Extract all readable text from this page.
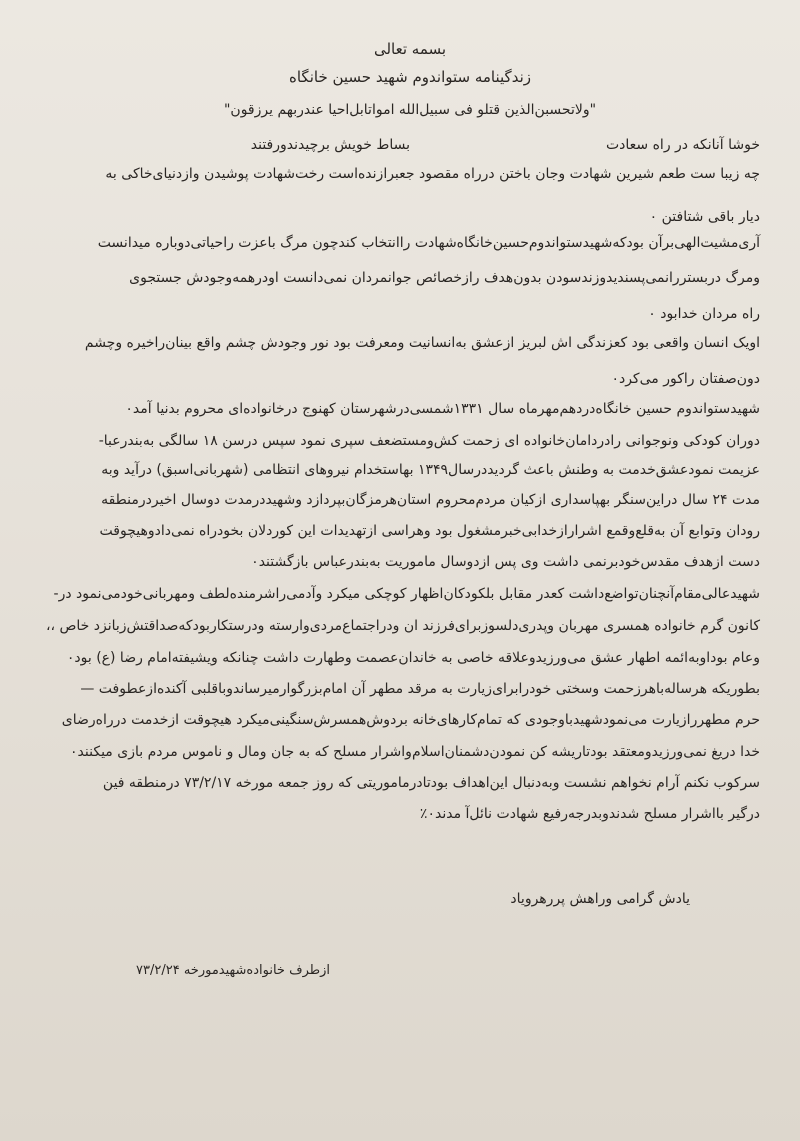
بسمه تعالی
زندگینامه ستواندوم شهید حسین خانگاه
"ولاتحسبن‌الذین قتلو فی سبیل‌الله امواتابل‌احیا عندربهم یرزقون"
خوشا آنانکه در راه سعادت
بساط خویش برچیدندورفتند
چه زیبا ست طعم شیرین شهادت وجان باختن درراه مقصود جعبرازنده‌است رخت‌شهادت پوشیدن وازدنیای‌خاکی به
دیار باقی شتافتن ۰
آری‌مشیت‌الهی‌برآن بودکه‌شهیدستواندوم‌حسین‌خانگاه‌شهادت راانتخاب کندچون مرگ باعزت راحیاتی‌دوباره میدانست
ومرگ دربستررانمی‌پسندیدوزندسودن بدون‌هدف رازخصائص جوانمردان نمی‌دانست اودرهمه‌وجودش جستجوی
راه مردان خدابود ۰
اویک انسان واقعی بود کعزندگی اش لبریز ازعشق به‌انسانیت ومعرفت بود نور وجودش چشم واقع بینان‌راخیره وچشم
دون‌صفتان راکور می‌کرد۰
شهیدستواندوم حسین خانگاه‌در‌دهم‌مهر‌ماه سال ۱۳۳۱شمسی‌در‌شهرستان کهنوج در‌خانواده‌ای محروم بدنیا آمد۰
دوران کودکی ونوجوانی رادردامان‌خانواده ای زحمت کش‌ومستضعف سپری نمود سپس درسن ۱۸ سالگی به‌بندرعبا-
عزیمت نمودعشق‌خدمت به وطنش باعث گردیددرسال۱۳۴۹ بهاستخدام نیروهای انتظامی (شهربانی‌اسبق) درآید وبه
مدت ۲۴ سال دراین‌سنگر بهپاسداری ازکیان مردم‌محروم استان‌هرمزگان‌بپردازد وشهیددرمدت دوسال اخیردرمنطقه
رودان وتوابع آن به‌قلع‌وقمع اشرارازخدابی‌خبرمشغول بود وهراسی ازتهدیدات این کوردلان بخودراه نمی‌دادوهیچوقت
دست ازهدف مقدس‌خودبرنمی داشت وی پس ازدوسال ماموریت به‌بندرعباس بازگشتند۰
شهیدعالی‌مقام‌آنچنان‌تواضع‌داشت کعدر مقابل بلکودکان‌اظهار کوچکی میکرد وآدمی‌راشرمنده‌لطف ومهربانی‌خودمی‌نمود در-
کانون گرم خانواده همسری مهربان وپدری‌دلسوزبرای‌فرزند ان ودراجتماع‌مردی‌وارسته ودرستکاربودکه‌صداقتش‌زبانزد خاص ،،
وعام بوداوبه‌ائمه اطهار عشق می‌ورزیدوعلاقه خاصی به خاندان‌عصمت وطهارت داشت چنانکه ویشیفته‌امام رضا (ع) بود۰
بطوریکه هرساله‌باهرزحمت وسختی خودرابرای‌زیارت به مرقد مطهر آن امام‌بزرگوارمیرساندوباقلبی آکنده‌ازعطوفت —
حرم مطهررازیارت می‌نمودشهیدباوجودی که تمام‌کارهای‌خانه بردوش‌همسرش‌سنگینی‌میکرد هیچوقت ازخدمت درراه‌رضای
خدا دریغ نمی‌ورزیدومعتقد بودتاریشه کن نمودن‌دشمنان‌اسلام‌واشرار مسلح که به جان ومال و ناموس مردم بازی میکنند۰
سرکوب نکنم آرام نخواهم نشست وبه‌دنبال این‌اهداف بودتادرماموریتی که روز جمعه مورخه ۷۳/۲/۱۷ درمنطقه فین
درگیر بااشرار مسلح شدندوبدرجه‌رفیع شهادت نائل‌آ مدند۰٪
یادش گرامی وراهش پررهرویاد
ازطرف خانواده‌شهیدمورخه ۷۳/۲/۲۴
